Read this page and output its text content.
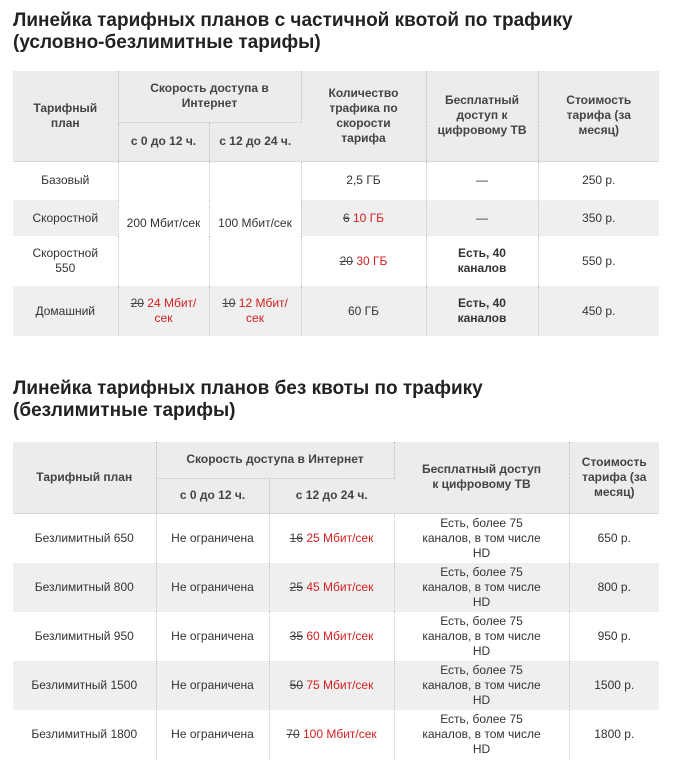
Линейка тарифных планов с частичной квотой по трафику
(условно-безлимитные тарифы)
Тарифный план	Скорость доступа в Интернет		Количество трафика по скорости тарифа	Бесплатный доступ к цифровому ТВ	Стоимость тарифа (за месяц)

	с 0 до 12 ч.	с 12 до 24 ч.			
Базовый	200 Мбит/сек	100 Мбит/сек	2,5 ГБ	—	250 р.
Скоростной			6 10 ГБ	—	350 р.

Скоростной 550			20 30 ГБ	Есть, 40 каналов	550 р.
Домашний	20 24 Мбит/сек	10 12 Мбит/сек	60 ГБ	Есть, 40 каналов	450 р.
Линейка тарифных планов без квоты по трафику
(безлимитные тарифы)
Тарифный план	Скорость доступа в Интернет		Бесплатный доступ к цифровому ТВ	Стоимость тарифа (за месяц)

	с 0 до 12 ч.	с 12 до 24 ч.		
Безлимитный 650	Не ограничена	16 25 Мбит/сек	Есть, более 75 каналов, в том числе HD	650 р.
Безлимитный 800	Не ограничена	25 45 Мбит/сек	Есть, более 75 каналов, в том числе HD	800 р.
Безлимитный 950	Не ограничена	35 60 Мбит/сек	Есть, более 75 каналов, в том числе HD	950 р.
Безлимитный 1500	Не ограничена	50 75 Мбит/сек	Есть, более 75 каналов, в том числе HD	1500 р.
Безлимитный 1800	Не ограничена	70 100 Мбит/сек	Есть, более 75 каналов, в том числе HD	1800 р.
